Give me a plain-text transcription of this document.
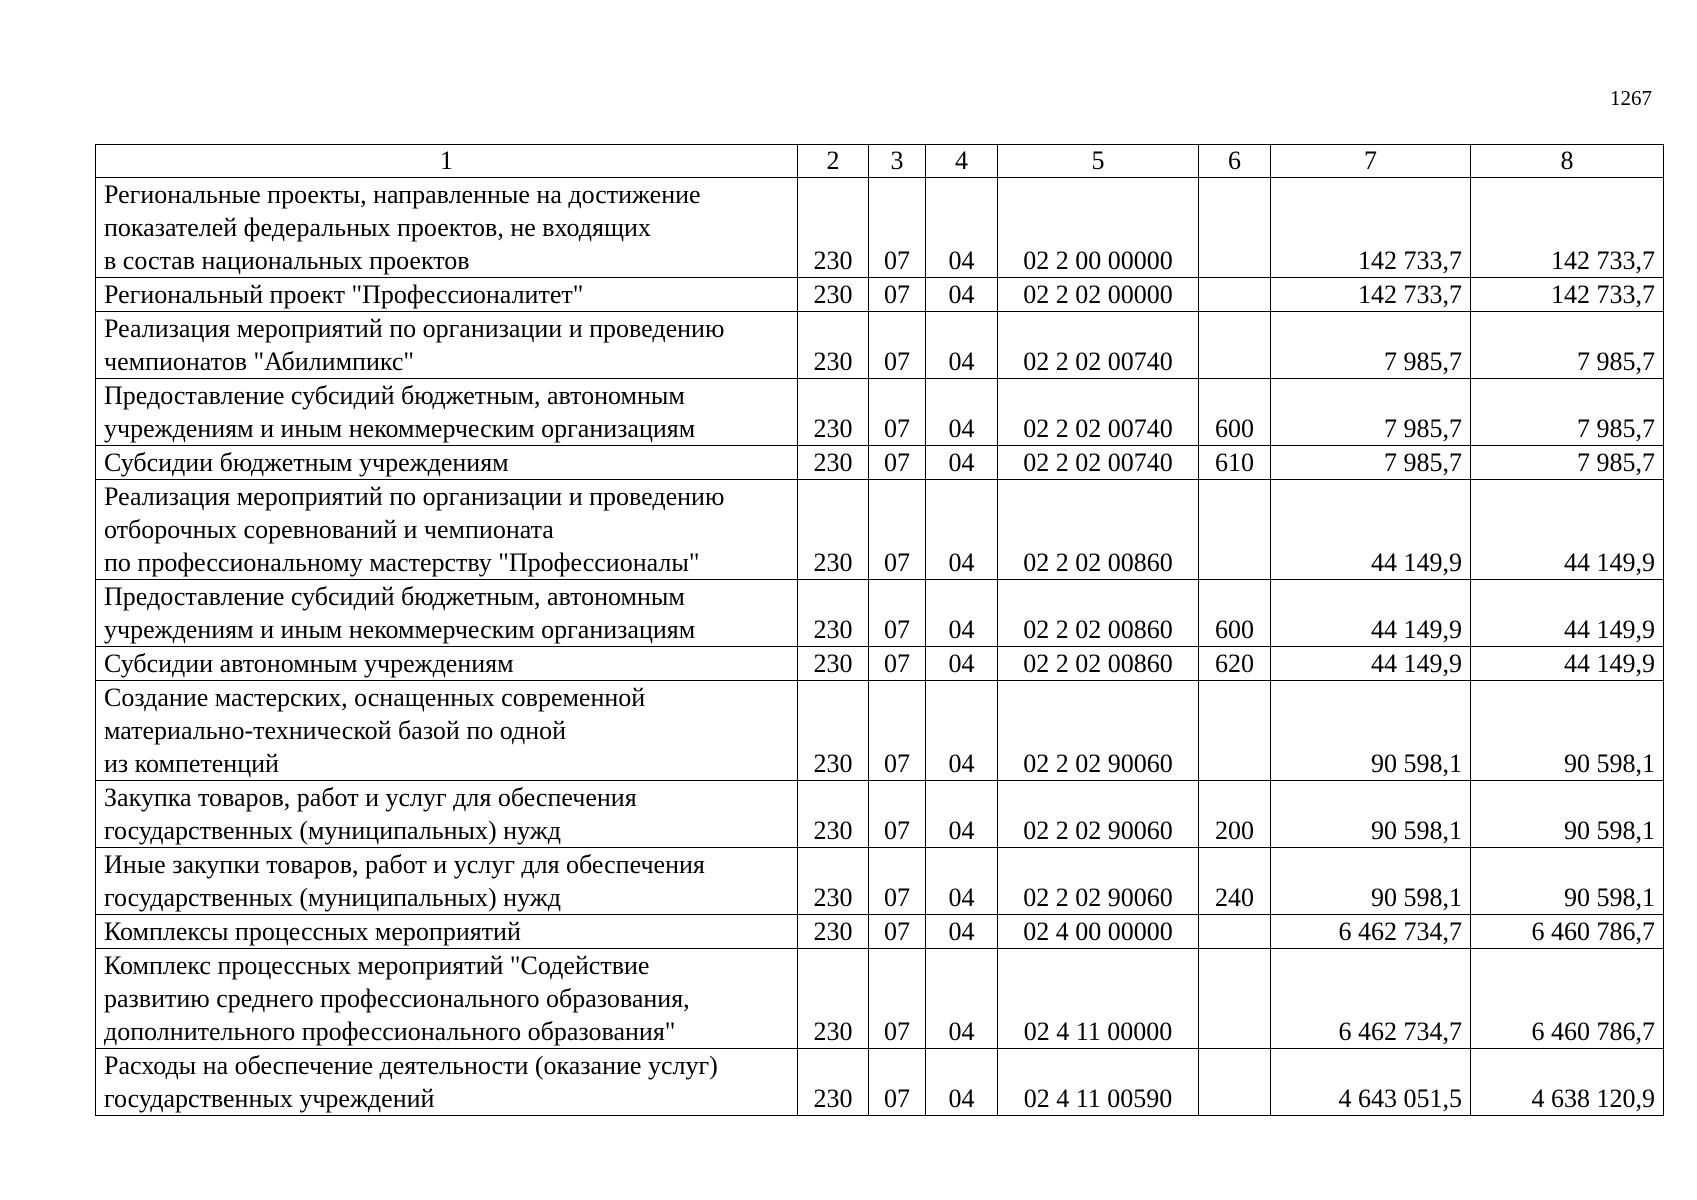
1267
1	2	3	4	5	6	7	8

Региональные проекты, направленные на достижение
показателей федеральных проектов, не входящих
в состав национальных проектов	230	07	04	02 2 00 00000		142 733,7	142 733,7

Региональный проект "Профессионалитет"	230	07	04	02 2 02 00000		142 733,7	142 733,7

Реализация мероприятий по организации и проведению
чемпионатов "Абилимпикс"	230	07	04	02 2 02 00740		7 985,7	7 985,7

Предоставление субсидий бюджетным, автономным
учреждениям и иным некоммерческим организациям	230	07	04	02 2 02 00740	600	7 985,7	7 985,7

Субсидии бюджетным учреждениям	230	07	04	02 2 02 00740	610	7 985,7	7 985,7

Реализация мероприятий по организации и проведению
отборочных соревнований и чемпионата
по профессиональному мастерству "Профессионалы"	230	07	04	02 2 02 00860		44 149,9	44 149,9

Предоставление субсидий бюджетным, автономным
учреждениям и иным некоммерческим организациям	230	07	04	02 2 02 00860	600	44 149,9	44 149,9

Субсидии автономным учреждениям	230	07	04	02 2 02 00860	620	44 149,9	44 149,9

Создание мастерских, оснащенных современной
материально-технической базой по одной
из компетенций	230	07	04	02 2 02 90060		90 598,1	90 598,1

Закупка товаров, работ и услуг для обеспечения
государственных (муниципальных) нужд	230	07	04	02 2 02 90060	200	90 598,1	90 598,1

Иные закупки товаров, работ и услуг для обеспечения
государственных (муниципальных) нужд	230	07	04	02 2 02 90060	240	90 598,1	90 598,1

Комплексы процессных мероприятий	230	07	04	02 4 00 00000		6 462 734,7	6 460 786,7

Комплекс процессных мероприятий "Содействие
развитию среднего профессионального образования,
дополнительного профессионального образования"	230	07	04	02 4 11 00000		6 462 734,7	6 460 786,7

Расходы на обеспечение деятельности (оказание услуг)
государственных учреждений	230	07	04	02 4 11 00590		4 643 051,5	4 638 120,9
